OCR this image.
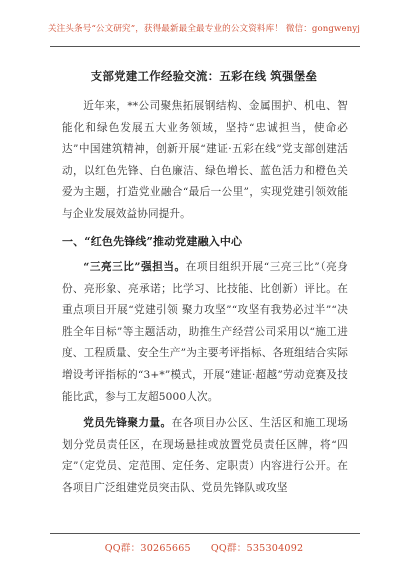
关注头条号“公文研究”，获得最新最全最专业的公文资料库！ 微信：gongwenyj
支部党建工作经验交流：五彩在线 筑强堡垒
近年来，**公司聚焦拓展钢结构、金属围护、机电、智能化和绿色发展五大业务领域，坚持“忠诚担当，使命必达”中国建筑精神，创新开展“建证·五彩在线”党支部创建活动，以红色先锋、白色廉洁、绿色增长、蓝色活力和橙色关爱为主题，打造党业融合“最后一公里”，实现党建引领效能与企业发展效益协同提升。
一、“红色先锋线”推动党建融入中心
“三亮三比”强担当。在项目组织开展“三亮三比”（亮身份、亮形象、亮承诺；比学习、比技能、比创新）评比。在重点项目开展“党建引领 聚力攻坚”“攻坚有我势必过半”“决胜全年目标”等主题活动，助推生产经营公司采用以“施工进度、工程质量、安全生产”为主要考评指标、各班组结合实际增设考评指标的“3+*”模式，开展“建证·超越”劳动竞赛及技能比武，参与工友超5000人次。
党员先锋聚力量。在各项目办公区、生活区和施工现场划分党员责任区，在现场悬挂或放置党员责任区牌，将“四定”（定党员、定范围、定任务、定职责）内容进行公开。在各项目广泛组建党员突击队、党员先锋队或攻坚
QQ群：30265665 QQ群：535304092
